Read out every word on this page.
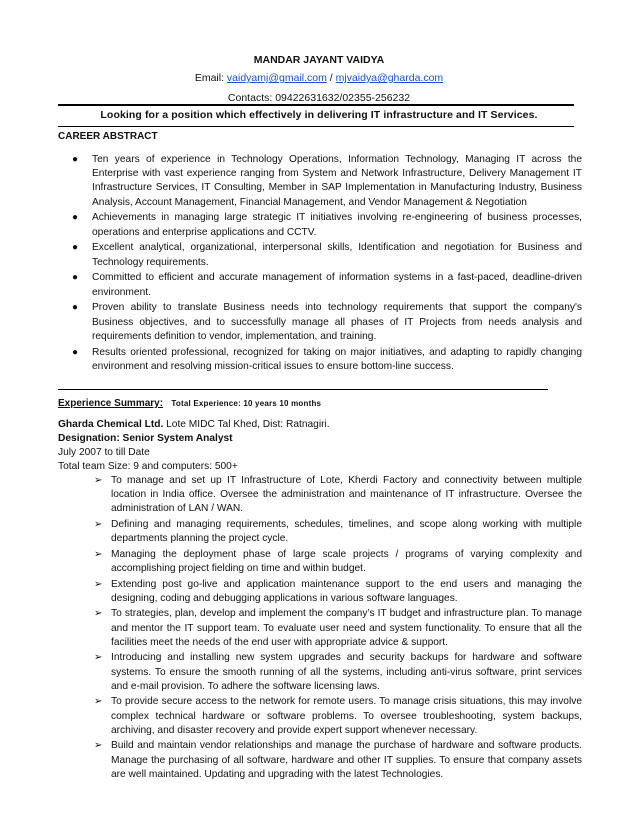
MANDAR JAYANT VAIDYA
Email: vaidyamj@gmail.com / mjvaidya@gharda.com
Contacts: 09422631632/02355-256232
Looking for a position which effectively in delivering IT infrastructure and IT Services.
CAREER ABSTRACT
● Ten years of experience in Technology Operations, Information Technology, Managing IT across the Enterprise with vast experience ranging from System and Network Infrastructure, Delivery Management IT Infrastructure Services, IT Consulting, Member in SAP Implementation in Manufacturing Industry, Business Analysis, Account Management, Financial Management, and Vendor Management & Negotiation
● Achievements in managing large strategic IT initiatives involving re-engineering of business processes, operations and enterprise applications and CCTV.
● Excellent analytical, organizational, interpersonal skills, Identification and negotiation for Business and Technology requirements.
● Committed to efficient and accurate management of information systems in a fast-paced, deadline-driven environment.
● Proven ability to translate Business needs into technology requirements that support the company's Business objectives, and to successfully manage all phases of IT Projects from needs analysis and requirements definition to vendor, implementation, and training.
● Results oriented professional, recognized for taking on major initiatives, and adapting to rapidly changing environment and resolving mission-critical issues to ensure bottom-line success.
Experience Summary: Total Experience: 10 years 10 months
Gharda Chemical Ltd. Lote MIDC Tal Khed, Dist: Ratnagiri.
Designation: Senior System Analyst
July 2007 to till Date
Total team Size: 9 and computers: 500+
➢ To manage and set up IT Infrastructure of Lote, Kherdi Factory and connectivity between multiple location in India office. Oversee the administration and maintenance of IT infrastructure. Oversee the administration of LAN / WAN.
➢ Defining and managing requirements, schedules, timelines, and scope along working with multiple departments planning the project cycle.
➢ Managing the deployment phase of large scale projects / programs of varying complexity and accomplishing project fielding on time and within budget.
➢ Extending post go-live and application maintenance support to the end users and managing the designing, coding and debugging applications in various software languages.
➢ To strategies, plan, develop and implement the company’s IT budget and infrastructure plan. To manage and mentor the IT support team. To evaluate user need and system functionality. To ensure that all the facilities meet the needs of the end user with appropriate advice & support.
➢ Introducing and installing new system upgrades and security backups for hardware and software systems. To ensure the smooth running of all the systems, including anti-virus software, print services and e-mail provision. To adhere the software licensing laws.
➢ To provide secure access to the network for remote users. To manage crisis situations, this may involve complex technical hardware or software problems. To oversee troubleshooting, system backups, archiving, and disaster recovery and provide expert support whenever necessary.
➢ Build and maintain vendor relationships and manage the purchase of hardware and software products. Manage the purchasing of all software, hardware and other IT supplies. To ensure that company assets are well maintained. Updating and upgrading with the latest Technologies.
